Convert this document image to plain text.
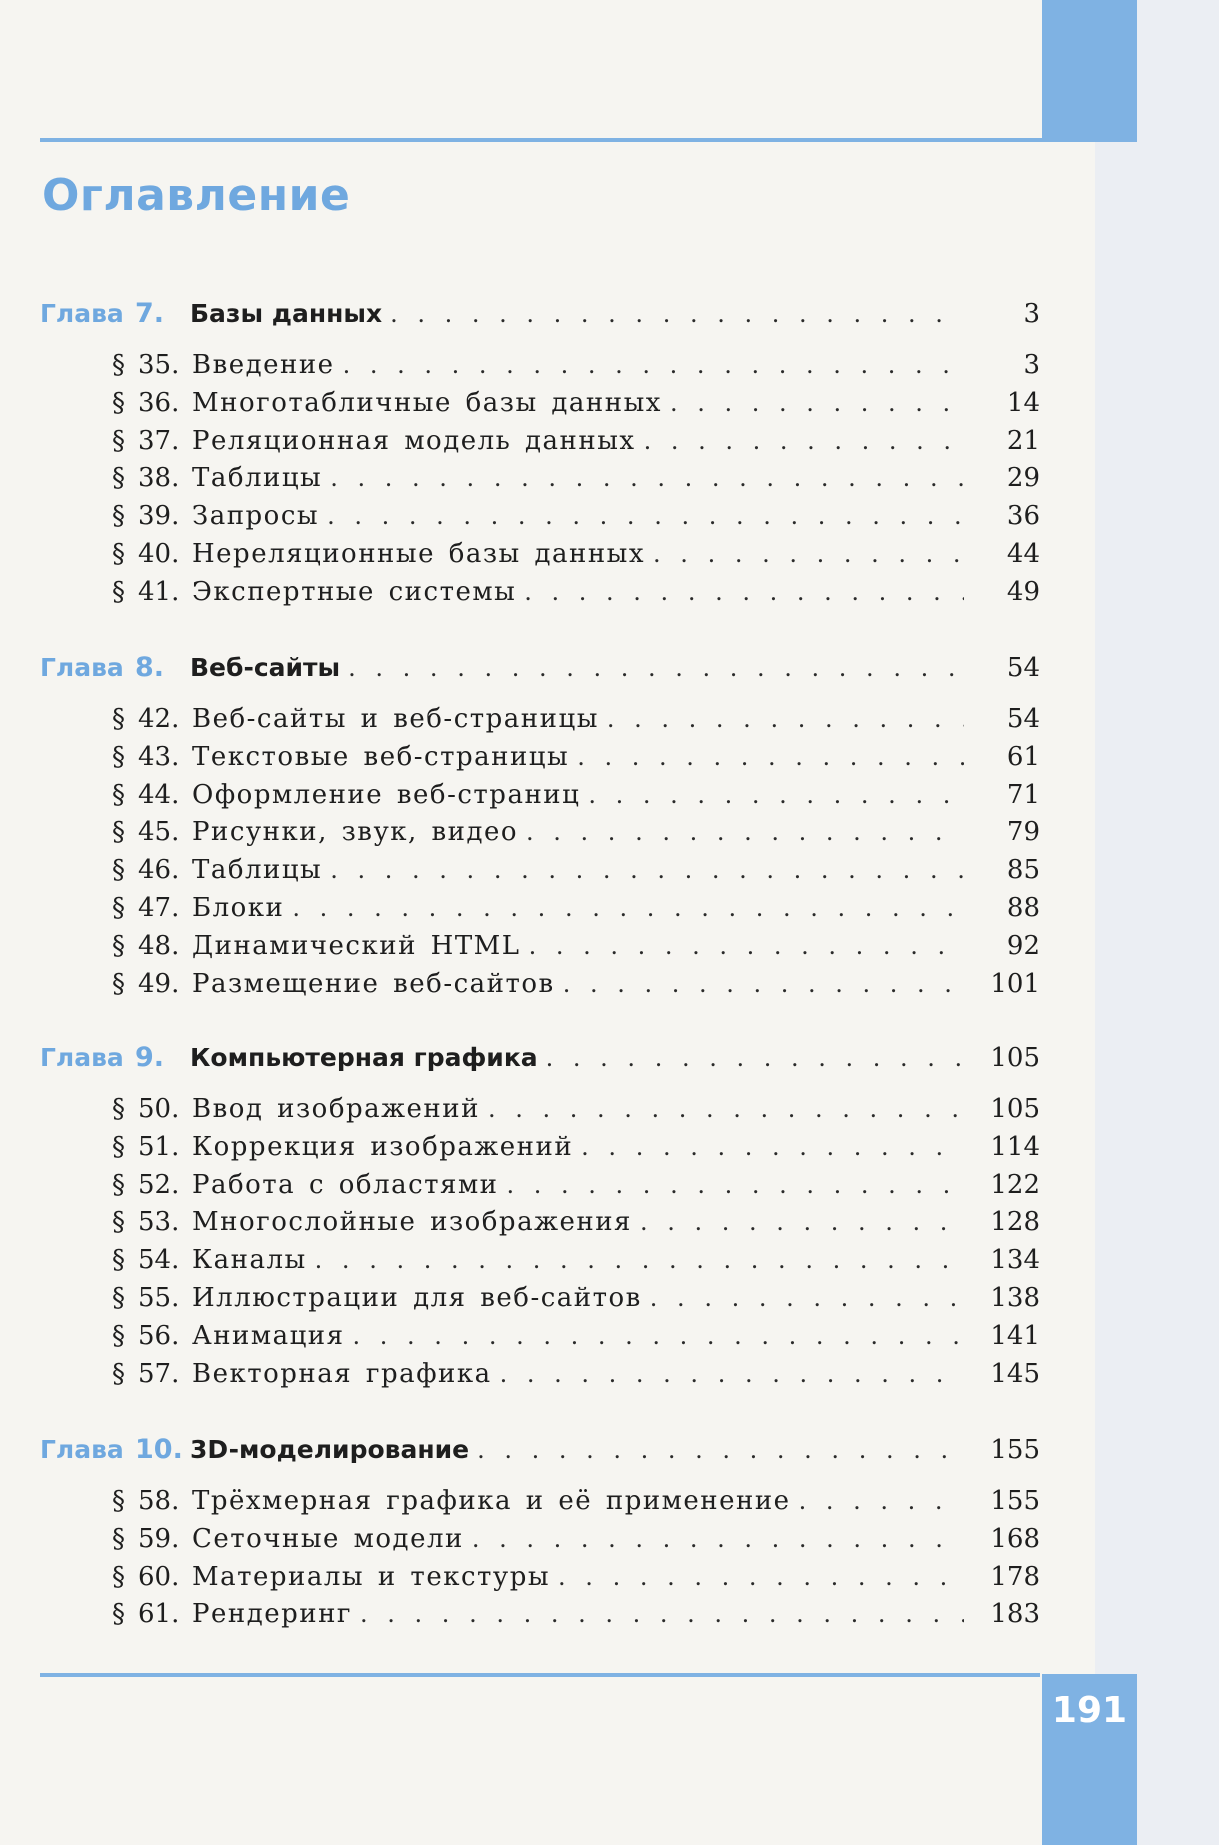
Оглавление
Глава 7.	Базы данных . . .	3
§ 35. Введение . . .	3
§ 36. Многотабличные базы данных . . .	14
§ 37. Реляционная модель данных . . .	21
§ 38. Таблицы . . .	29
§ 39. Запросы . . .	36
§ 40. Нереляционные базы данных . . .	44
§ 41. Экспертные системы . . .	49
Глава 8.	Веб-сайты . . .	54
§ 42. Веб-сайты и веб-страницы . . .	54
§ 43. Текстовые веб-страницы . . .	61
§ 44. Оформление веб-страниц . . .	71
§ 45. Рисунки, звук, видео . . .	79
§ 46. Таблицы . . .	85
§ 47. Блоки . . .	88
§ 48. Динамический HTML . . .	92
§ 49. Размещение веб-сайтов . . .	101
Глава 9.	Компьютерная графика . . .	105
§ 50. Ввод изображений . . .	105
§ 51. Коррекция изображений . . .	114
§ 52. Работа с областями . . .	122
§ 53. Многослойные изображения . . .	128
§ 54. Каналы . . .	134
§ 55. Иллюстрации для веб-сайтов . . .	138
§ 56. Анимация . . .	141
§ 57. Векторная графика . . .	145
Глава 10. 3D-моделирование . . .	155
§ 58. Трёхмерная графика и её применение . . .	155
§ 59. Сеточные модели . . .	168
§ 60. Материалы и текстуры . . .	178
§ 61. Рендеринг . . .	183
191
